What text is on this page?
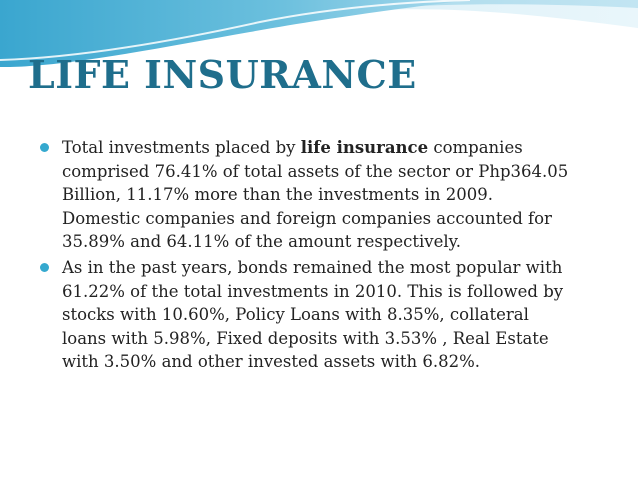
LIFE INSURANCE
Total investments placed by life insurance companies
comprised 76.41% of total assets of the sector or Php364.05
Billion, 11.17% more than the investments in 2009.
Domestic companies and foreign companies accounted for
35.89% and 64.11% of the amount respectively.
As in the past years, bonds remained the most popular with
61.22% of the total investments in 2010. This is followed by
stocks with 10.60%, Policy Loans with 8.35%, collateral
loans with 5.98%, Fixed deposits with 3.53% , Real Estate
with 3.50% and other invested assets with 6.82%.
